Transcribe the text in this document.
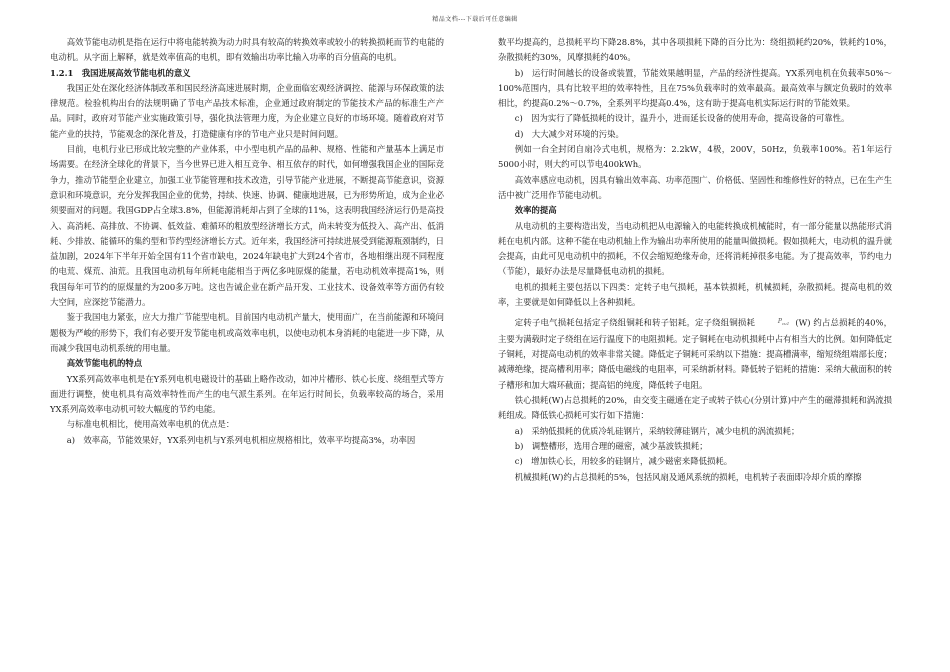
精品文档---下载后可任意编辑

高效节能电动机是指在运行中将电能转换为动力时具有较高的转换效率或较小的转换损耗而节约电能的电动机。从字面上解释，就是效率值高的电机，即有效输出功率比输入功率的百分值高的电机。

1.2.1　我国进展高效节能电机的意义

我国正处在深化经济体制改革和国民经济高速进展时期，企业面临宏观经济调控、能源与环保政策的法律规范。检验机构出台的法规明确了节电产品技术标准，企业通过政府制定的节能技术产品的标准生产产品。同时，政府对节能产业实施政策引导，强化执法管理力度，为企业建立良好的市场环境。随着政府对节能产业的扶持，节能观念的深化普及，打造健康有序的节电产业只是时间问题。

目前，电机行业已形成比较完整的产业体系，中小型电机产品的品种、规格、性能和产量基本上满足市场需要。在经济全球化的背景下，当今世界已进入相互竞争、相互依存的时代，如何增强我国企业的国际竞争力，推动节能型企业建立，加强工业节能管理和技术改造，引导节能产业进展，不断提高节能意识，资源意识和环境意识，充分发挥我国企业的优势，持续、快速、协调、健康地进展，已为形势所迫，成为企业必须要面对的问题。我国GDP占全球3.8%，但能源消耗却占到了全球的11%，这表明我国经济运行仍是高投入、高消耗、高排放、不协调、低效益、难循环的粗放型经济增长方式，尚未转变为低投入、高产出、低消耗、少排放、能循环的集约型和节约型经济增长方式。近年来，我国经济可持续进展受到能源瓶颈制约，日益加剧，2024年下半年开始全国有11个省市缺电，2024年缺电扩大到24个省市，各地相继出现不同程度的电荒、煤荒、油荒。且我国电动机每年所耗电能相当于两亿多吨原煤的能量，若电动机效率提高1%，则我国每年可节约的原煤量约为200多万吨。这也告诫企业在新产品开发、工业技术、设备效率等方面仍有较大空间，应深挖节能潜力。

鉴于我国电力紧张，应大力推广节能型电机。目前国内电动机产量大，使用面广，在当前能源和环境问题极为严峻的形势下，我们有必要开发节能电机或高效率电机，以使电动机本身消耗的电能进一步下降，从而减少我国电动机系统的用电量。

高效节能电机的特点

YX系列高效率电机是在Y系列电机电磁设计的基础上略作改动，如冲片槽形、铁心长度、绕组型式等方面进行调整，使电机具有高效率特性而产生的电气派生系列。在年运行时间长，负载率较高的场合，采用YX系列高效率电动机可较大幅度的节约电能。

与标准电机相比，使用高效率电机的优点是：

a)　效率高，节能效果好，YX系列电机与Y系列电机相应规格相比，效率平均提高3%，功率因

数平均提高约，总损耗平均下降28.8%，其中各项损耗下降的百分比为：绕组损耗约20%，铁耗约10%，杂散损耗约30%，风摩损耗约40%。

b)　运行时间越长的设备或装置，节能效果越明显，产品的经济性提高。YX系列电机在负载率50%～100%范围内，具有比较平坦的效率特性，且在75%负载率时的效率最高。最高效率与额定负载时的效率相比，约提高0.2%～0.7%，全系列平均提高0.4%，这有助于提高电机实际运行时的节能效果。

c)　因为实行了降低损耗的设计，温升小，进而延长设备的使用寿命，提高设备的可靠性。

d)　大大减少对环境的污染。

例如一台全封闭自扇冷式电机，规格为：2.2kW，4极，200V，50Hz，负载率100%。若1年运行5000小时，则大约可以节电400kWh。

高效率感应电动机，因具有输出效率高、功率范围广、价格低、坚固性和维修性好的特点，已在生产生活中被广泛用作节能电动机。

效率的提高

从电动机的主要构造出发，当电动机把从电源输入的电能转换成机械能时，有一部分能量以热能形式消耗在电机内部。这种不能在电动机轴上作为输出功率所使用的能量叫做损耗。假如损耗大，电动机的温升就会提高，由此可见电动机中的损耗，不仅会缩短绝缘寿命，还将消耗掉很多电能。为了提高效率，节约电力（节能），最好办法是尽量降低电动机的损耗。

电机的损耗主要包括以下四类：定转子电气损耗，基本铁损耗，机械损耗，杂散损耗。提高电机的效率，主要就是如何降低以上各种损耗。

定转子电气损耗包括定子绕组铜耗和转子铝耗。定子绕组铜损耗	$P_{cu1}$ (W) 约占总损耗的40%，主要为满载时定子绕组在运行温度下的电阻损耗。定子铜耗在电动机损耗中占有相当大的比例。如何降低定子铜耗，对提高电动机的效率非常关键。降低定子铜耗可采纳以下措施：提高槽满率，缩短绕组端部长度；减薄绝缘，提高槽利用率；降低电磁线的电阻率，可采纳新材料。降低转子铝耗的措施：采纳大截面积的转子槽形和加大端环截面；提高铝的纯度，降低转子电阻。

铁心损耗(W)占总损耗的20%，由交变主磁通在定子或转子铁心(分别计算)中产生的磁滞损耗和涡流损耗组成。降低铁心损耗可实行如下措施：

a)　采纳低损耗的优质冷轧硅钢片，采纳较薄硅钢片，减少电机的涡流损耗；

b)　调整槽形，选用合理的磁密，减少基波铁损耗；

c)　增加铁心长，用较多的硅钢片，减少磁密来降低损耗。

机械损耗(W)约占总损耗的5%，包括风扇及通风系统的损耗，电机转子表面即冷却介质的摩擦
